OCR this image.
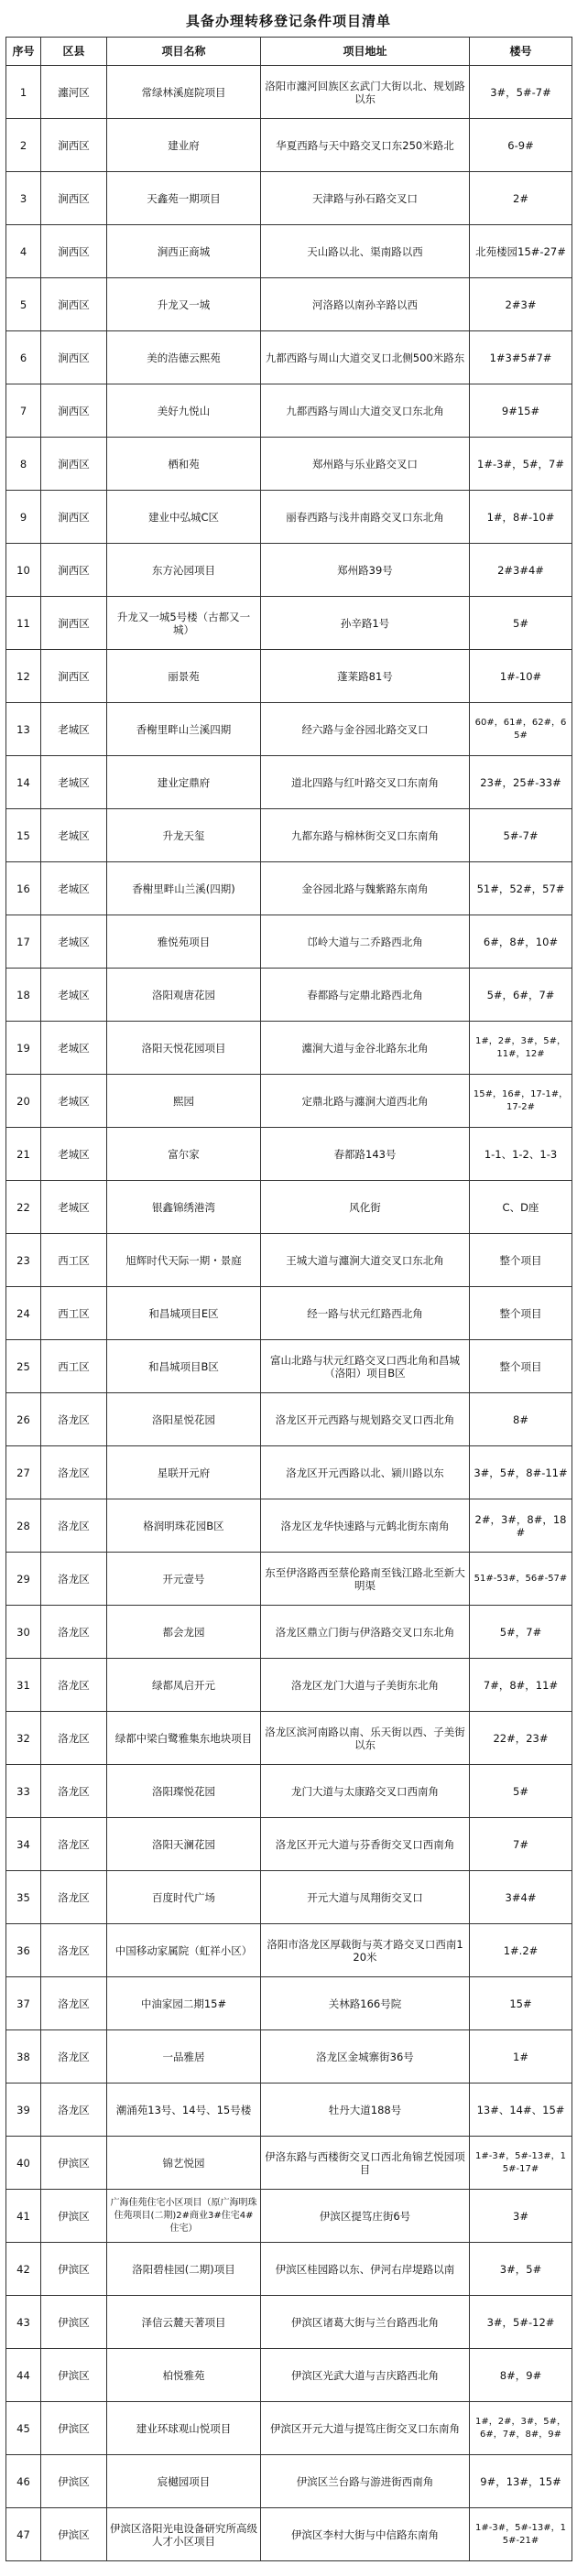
具备办理转移登记条件项目清单
序号	区县	项目名称	项目地址	楼号
1	瀍河区	常绿林溪庭院项目	洛阳市瀍河回族区玄武门大街以北、规划路以东	3#，5#-7#
2	涧西区	建业府	华夏西路与天中路交叉口东250米路北	6-9#
3	涧西区	天鑫苑一期项目	天津路与孙石路交叉口	2#
4	涧西区	涧西正商城	天山路以北、渠南路以西	北苑楼园15#-27#
5	涧西区	升龙又一城	河洛路以南孙辛路以西	2#3#
6	涧西区	美的浩德云熙苑	九都西路与周山大道交叉口北侧500米路东	1#3#5#7#
7	涧西区	美好九悦山	九都西路与周山大道交叉口东北角	9#15#
8	涧西区	栖和苑	郑州路与乐业路交叉口	1#-3#，5#，7#
9	涧西区	建业中弘城C区	丽春西路与浅井南路交叉口东北角	1#，8#-10#
10	涧西区	东方沁园项目	郑州路39号	2#3#4#
11	涧西区	升龙又一城5号楼（古都又一城）	孙辛路1号	5#
12	涧西区	丽景苑	蓬莱路81号	1#-10#
13	老城区	香榭里畔山兰溪四期	经六路与金谷园北路交叉口	60#，61#，62#，65#
14	老城区	建业定鼎府	道北四路与红叶路交叉口东南角	23#，25#-33#
15	老城区	升龙天玺	九都东路与棉林街交叉口东南角	5#-7#
16	老城区	香榭里畔山兰溪(四期)	金谷园北路与魏紫路东南角	51#，52#，57#
17	老城区	雅悦苑项目	邙岭大道与二乔路西北角	6#，8#，10#
18	老城区	洛阳观唐花园	春都路与定鼎北路西北角	5#，6#，7#
19	老城区	洛阳天悦花园项目	瀍涧大道与金谷北路东北角	1#，2#，3#，5#，11#，12#
20	老城区	熙园	定鼎北路与瀍涧大道西北角	15#，16#，17-1#，17-2#
21	老城区	富尔家	春都路143号	1-1、1-2、1-3
22	老城区	银鑫锦绣港湾	风化街	C、D座
23	西工区	旭辉时代天际一期・景庭	王城大道与瀍涧大道交叉口东北角	整个项目
24	西工区	和昌城项目E区	经一路与状元红路西北角	整个项目
25	西工区	和昌城项目B区	富山北路与状元红路交叉口西北角和昌城（洛阳）项目B区	整个项目
26	洛龙区	洛阳星悦花园	洛龙区开元西路与规划路交叉口西北角	8#
27	洛龙区	星联开元府	洛龙区开元西路以北、颍川路以东	3#，5#，8#-11#
28	洛龙区	格润明珠花园B区	洛龙区龙华快速路与元鹤北街东南角	2#，3#，8#，18#
29	洛龙区	开元壹号	东至伊洛路西至蔡伦路南至钱江路北至新大明渠	51#-53#，56#-57#
30	洛龙区	都会龙园	洛龙区鼎立门街与伊洛路交叉口东北角	5#，7#
31	洛龙区	绿都凤启开元	洛龙区龙门大道与子美街东北角	7#，8#，11#
32	洛龙区	绿都中梁白鹭雅集东地块项目	洛龙区滨河南路以南、乐天街以西、子美街以东	22#，23#
33	洛龙区	洛阳璨悦花园	龙门大道与太康路交叉口西南角	5#
34	洛龙区	洛阳天澜花园	洛龙区开元大道与芬香街交叉口西南角	7#
35	洛龙区	百度时代广场	开元大道与凤翔街交叉口	3#4#
36	洛龙区	中国移动家属院（虹祥小区）	洛阳市洛龙区厚载街与英才路交叉口西南120米	1#.2#
37	洛龙区	中油家园二期15#	关林路166号院	15#
38	洛龙区	一品雅居	洛龙区金城寨街36号	1#
39	洛龙区	潮涌苑13号、14号、15号楼	牡丹大道188号	13#、14#、15#
40	伊滨区	锦艺悦园	伊洛东路与西楼街交叉口西北角锦艺悦园项目	1#-3#，5#-13#，15#-17#
41	伊滨区	广海佳苑住宅小区项目（原广海明珠住苑项目(二期)2#商业3#住宅4#住宅）	伊滨区提笃庄街6号	3#
42	伊滨区	洛阳碧桂园(二期)项目	伊滨区桂园路以东、伊河右岸堤路以南	3#，5#
43	伊滨区	泽信云麓天著项目	伊滨区诸葛大街与兰台路西北角	3#，5#-12#
44	伊滨区	柏悦雅苑	伊滨区光武大道与吉庆路西北角	8#，9#
45	伊滨区	建业环球观山悦项目	伊滨区开元大道与提笃庄街交叉口东南角	1#，2#，3#，5#，6#，7#，8#，9#
46	伊滨区	宸樾园项目	伊滨区兰台路与游进街西南角	9#，13#，15#
47	伊滨区	伊滨区洛阳光电设备研究所高级人才小区项目	伊滨区李村大街与中信路东南角	1#-3#，5#-13#，15#-21#
